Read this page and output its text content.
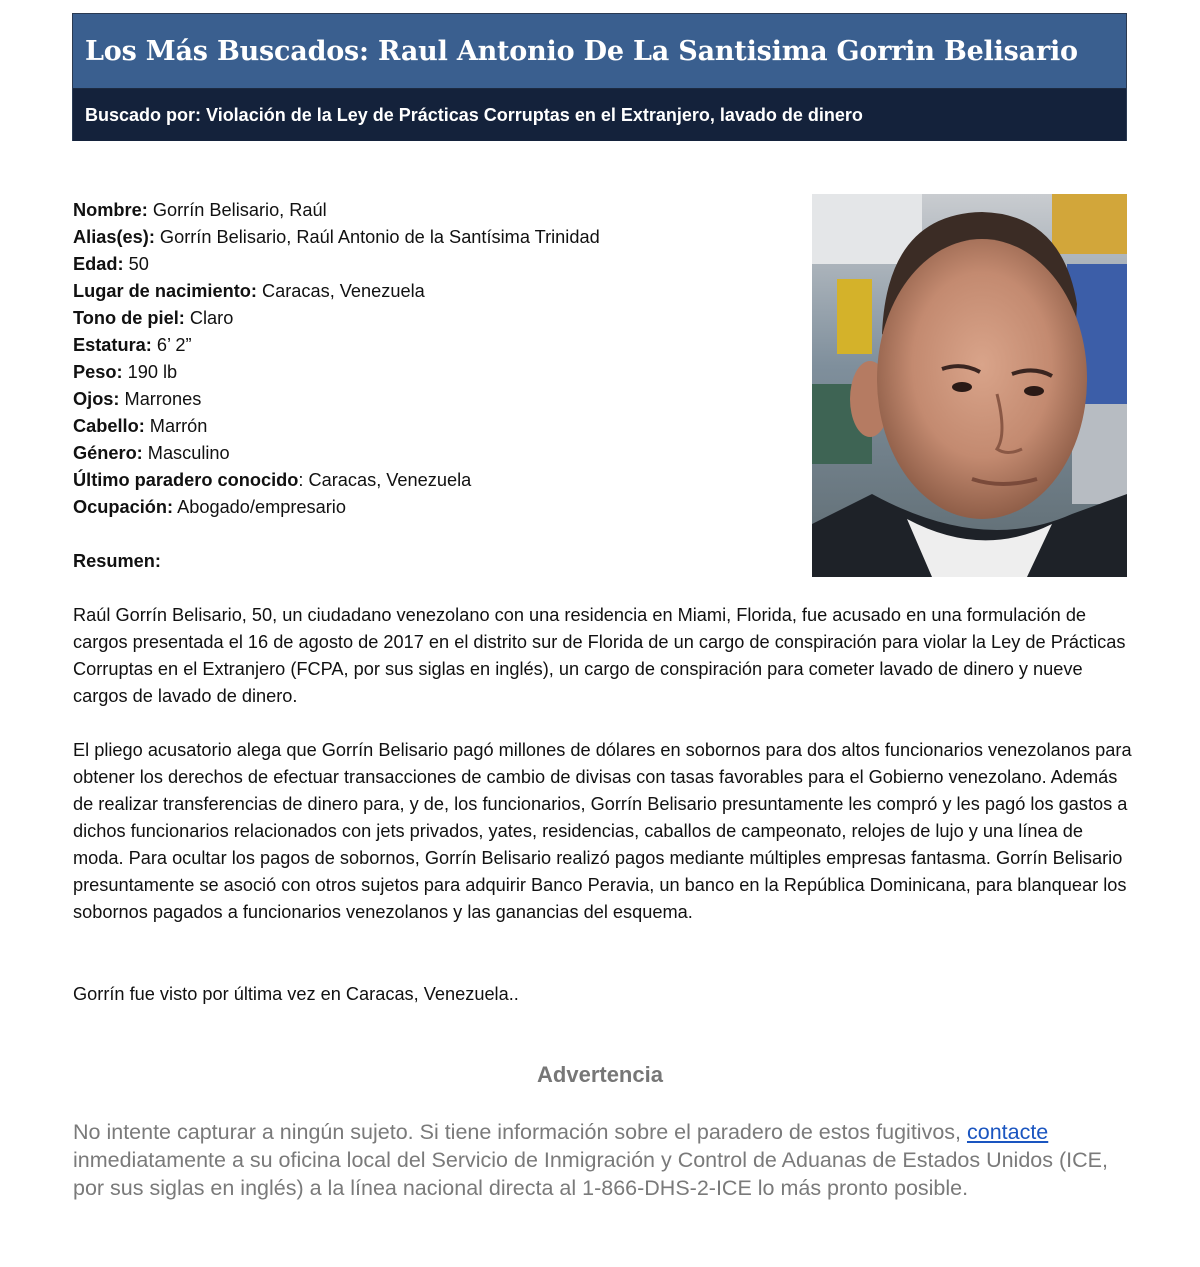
Los Más Buscados: Raul Antonio De La Santisima Gorrin Belisario
Buscado por: Violación de la Ley de Prácticas Corruptas en el Extranjero, lavado de dinero
Nombre: Gorrín Belisario, Raúl
Alias(es): Gorrín Belisario, Raúl Antonio de la Santísima Trinidad
Edad: 50
Lugar de nacimiento: Caracas, Venezuela
Tono de piel: Claro
Estatura: 6’ 2”
Peso: 190 lb
Ojos: Marrones
Cabello: Marrón
Género: Masculino
Último paradero conocido: Caracas, Venezuela
Ocupación: Abogado/empresario
Resumen:

Raúl Gorrín Belisario, 50, un ciudadano venezolano con una residencia en Miami, Florida, fue acusado en una formulación de cargos presentada el 16 de agosto de 2017 en el distrito sur de Florida de un cargo de conspiración para violar la Ley de Prácticas Corruptas en el Extranjero (FCPA, por sus siglas en inglés), un cargo de conspiración para cometer lavado de dinero y nueve cargos de lavado de dinero.

El pliego acusatorio alega que Gorrín Belisario pagó millones de dólares en sobornos para dos altos funcionarios venezolanos para obtener los derechos de efectuar transacciones de cambio de divisas con tasas favorables para el Gobierno venezolano. Además de realizar transferencias de dinero para, y de, los funcionarios, Gorrín Belisario presuntamente les compró y les pagó los gastos a dichos funcionarios relacionados con jets privados, yates, residencias, caballos de campeonato, relojes de lujo y una línea de moda. Para ocultar los pagos de sobornos, Gorrín Belisario realizó pagos mediante múltiples empresas fantasma. Gorrín Belisario presuntamente se asoció con otros sujetos para adquirir Banco Peravia, un banco en la República Dominicana, para blanquear los sobornos pagados a funcionarios venezolanos y las ganancias del esquema.

Gorrín fue visto por última vez en Caracas, Venezuela..

Advertencia

No intente capturar a ningún sujeto. Si tiene información sobre el paradero de estos fugitivos, contacte inmediatamente a su oficina local del Servicio de Inmigración y Control de Aduanas de Estados Unidos (ICE, por sus siglas en inglés) a la línea nacional directa al 1-866-DHS-2-ICE lo más pronto posible.
